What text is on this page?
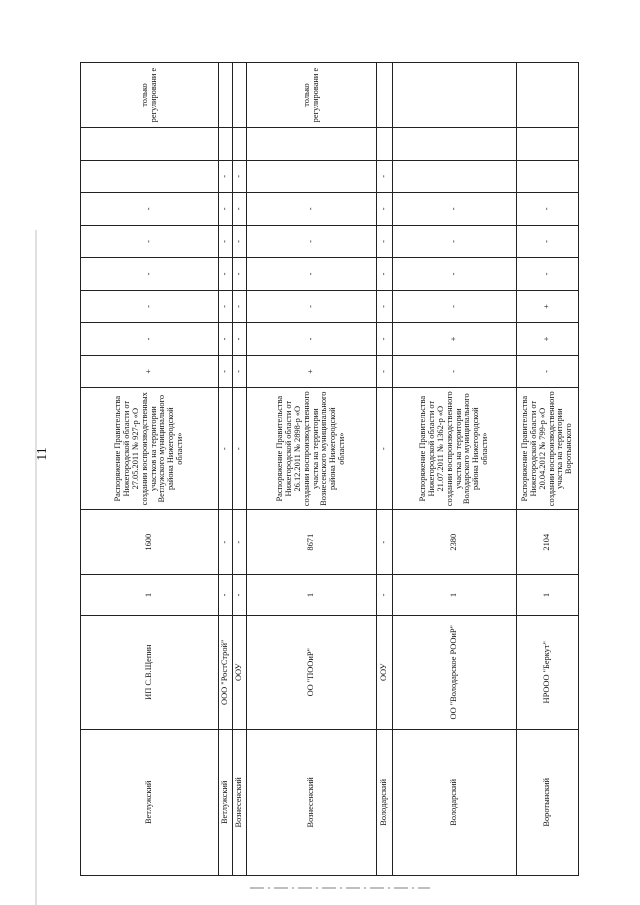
11
Ветлужский	ИП С.В.Щепин	1	1600	Распоряжение Правительства Нижегородской области от 27.05.2011 № 927-р «О создании воспроизводственных участков на территории Ветлужского муниципального района Нижегородской области»	+	-	-	-	-	-			только регулировани е
Ветлужский	ООО "РостСтрой"	-	-	-	-	-	-	-	-	-	-		
Вознесенский	ООУ	-	-	-	-	-	-	-	-	-	-		
Вознесенский	ОО "ПООиР"	1	8671	Распоряжение Правительства Нижегородской области от 26.12.2011 № 2898-р «О создании воспроизводственного участка на территории Вознесенского муниципального района Нижегородской области»	+	-	-	-	-	-			только регулировани е
Володарский	ООУ	-	-	-	-	-	-	-	-	-	-		
Володарский	ОО "Володарское РООиР"	1	2380	Распоряжение Правительства Нижегородской области от 21.07.2011 № 1362-р «О создании воспроизводственного участка на территории Володарского муниципального района Нижегородской области»	-	+	-	-	-	-			
Воротынский	НРООО "Беркут"	1	2104	Распоряжение Правительства Нижегородской области от 20.04.2012 № 799-р «О создании воспроизводственного участка на территории Воротынского	-	+	+	-	-	-			
